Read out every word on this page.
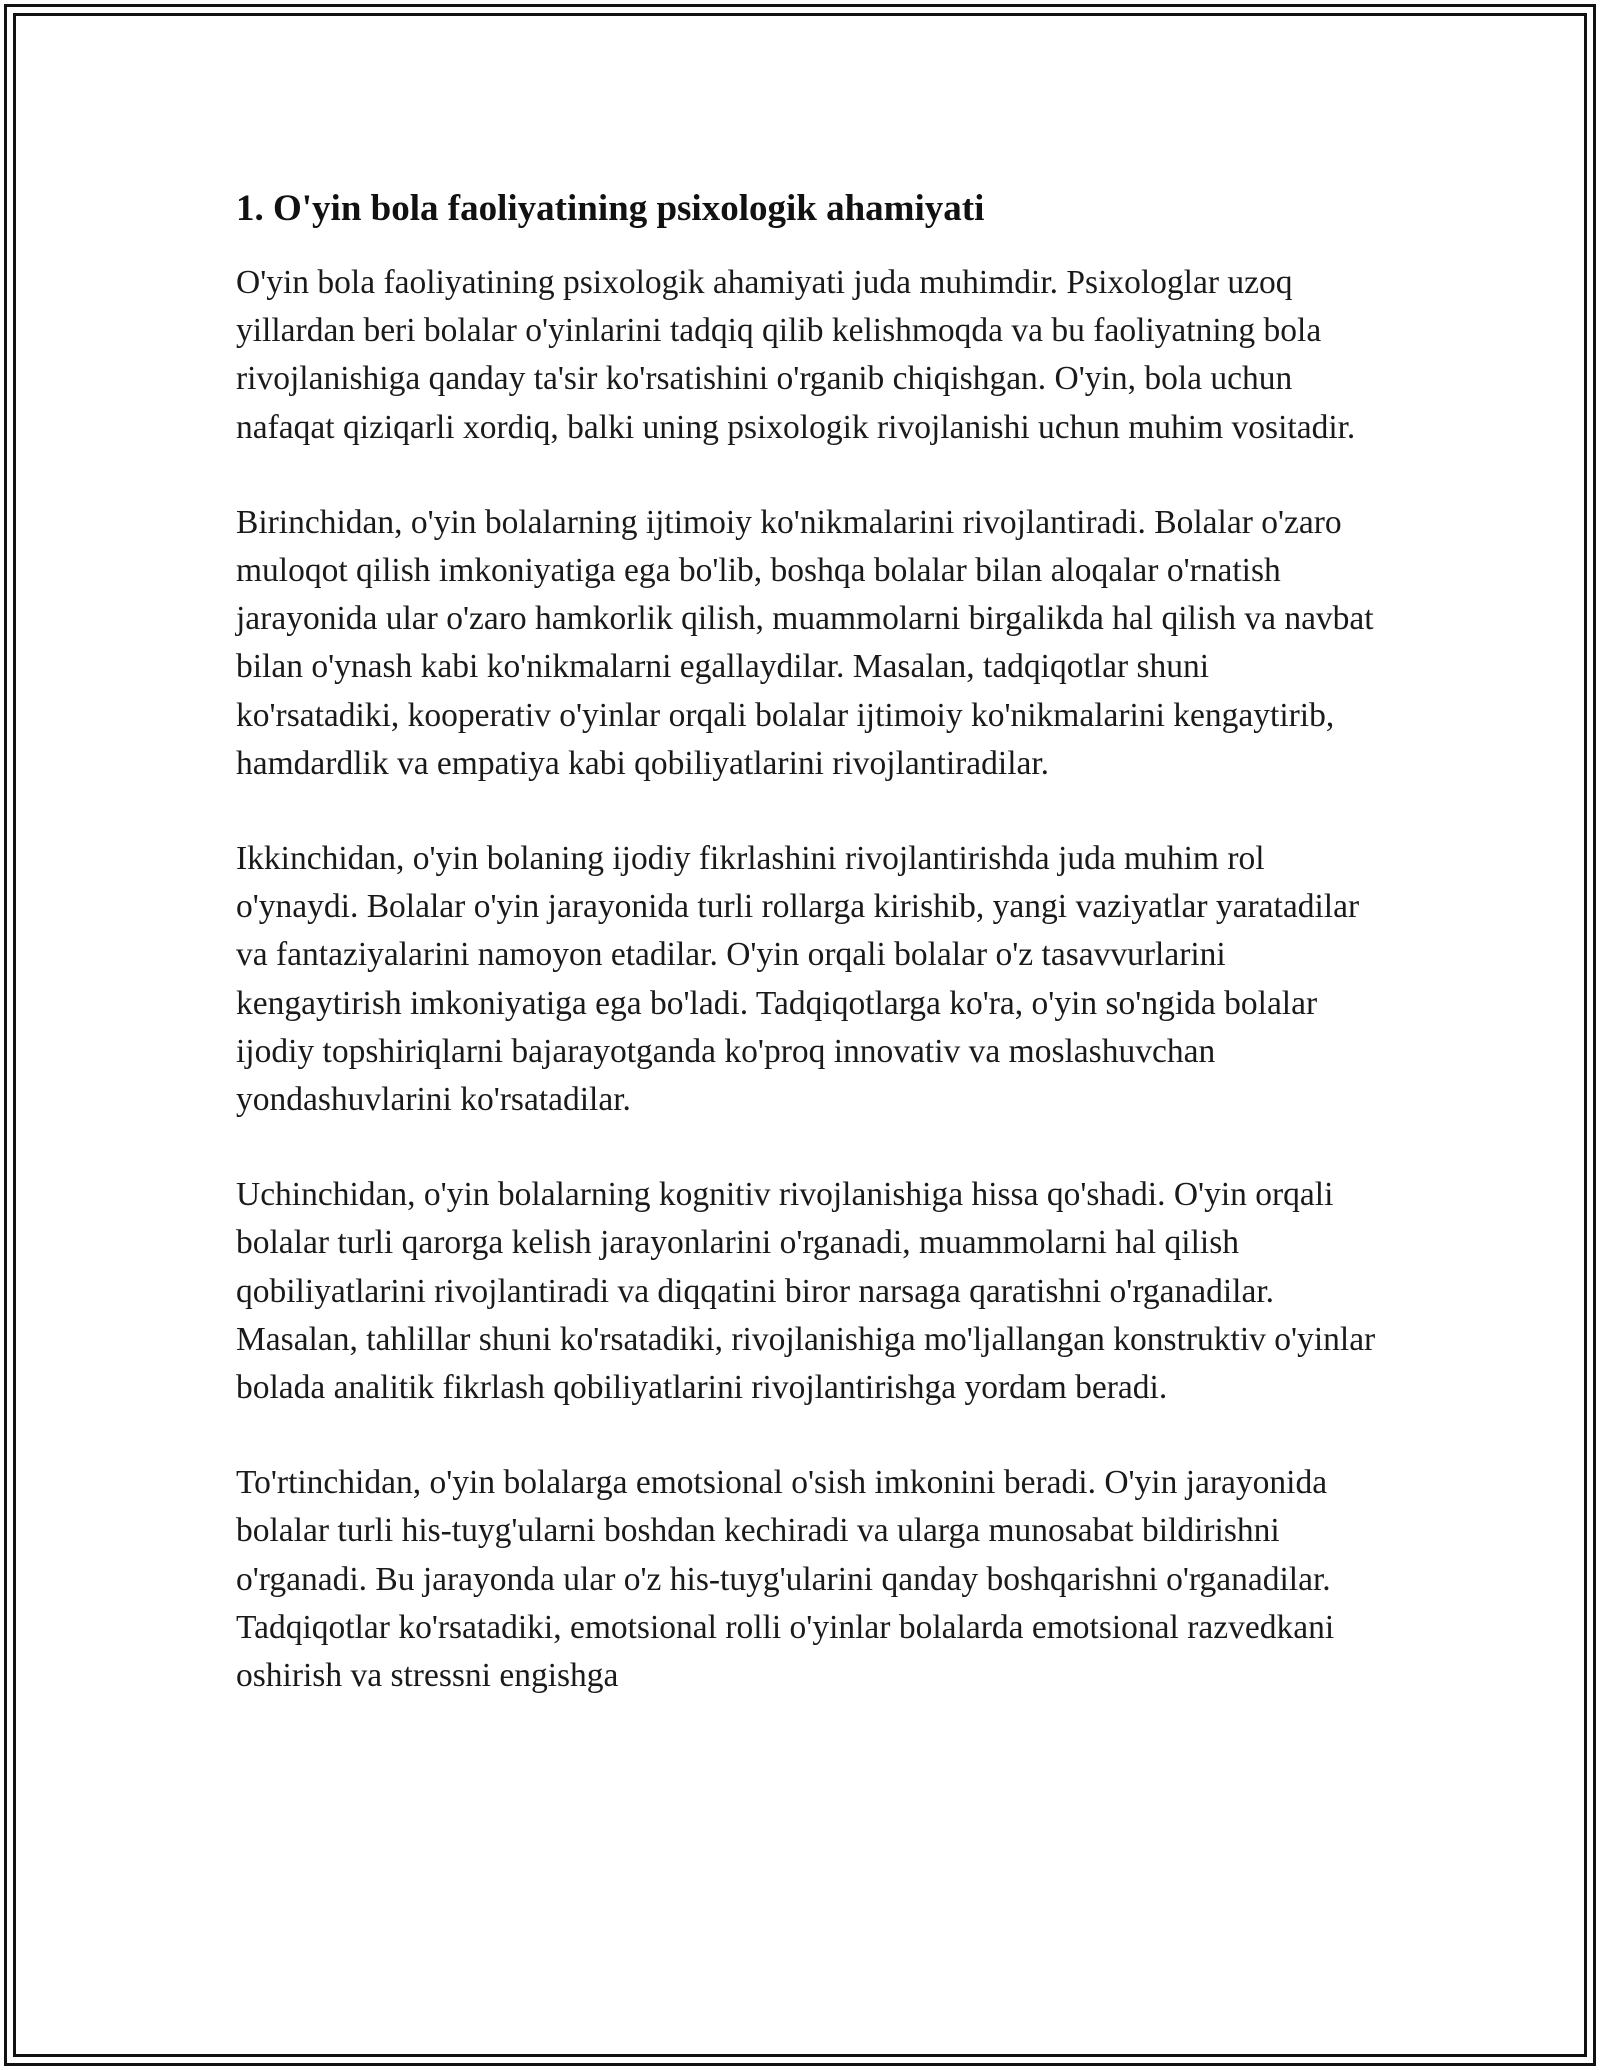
1. O'yin bola faoliyatining psixologik ahamiyati

O'yin bola faoliyatining psixologik ahamiyati juda muhimdir. Psixologlar uzoq yillardan beri bolalar o'yinlarini tadqiq qilib kelishmoqda va bu faoliyatning bola rivojlanishiga qanday ta'sir ko'rsatishini o'rganib chiqishgan. O'yin, bola uchun nafaqat qiziqarli xordiq, balki uning psixologik rivojlanishi uchun muhim vositadir.

Birinchidan, o'yin bolalarning ijtimoiy ko'nikmalarini rivojlantiradi. Bolalar o'zaro muloqot qilish imkoniyatiga ega bo'lib, boshqa bolalar bilan aloqalar o'rnatish jarayonida ular o'zaro hamkorlik qilish, muammolarni birgalikda hal qilish va navbat bilan o'ynash kabi ko'nikmalarni egallaydilar. Masalan, tadqiqotlar shuni ko'rsatadiki, kooperativ o'yinlar orqali bolalar ijtimoiy ko'nikmalarini kengaytirib, hamdardlik va empatiya kabi qobiliyatlarini rivojlantiradilar.

Ikkinchidan, o'yin bolaning ijodiy fikrlashini rivojlantirishda juda muhim rol o'ynaydi. Bolalar o'yin jarayonida turli rollarga kirishib, yangi vaziyatlar yaratadilar va fantaziyalarini namoyon etadilar. O'yin orqali bolalar o'z tasavvurlarini kengaytirish imkoniyatiga ega bo'ladi. Tadqiqotlarga ko'ra, o'yin so'ngida bolalar ijodiy topshiriqlarni bajarayotganda ko'proq innovativ va moslashuvchan yondashuvlarini ko'rsatadilar.

Uchinchidan, o'yin bolalarning kognitiv rivojlanishiga hissa qo'shadi. O'yin orqali bolalar turli qarorga kelish jarayonlarini o'rganadi, muammolarni hal qilish qobiliyatlarini rivojlantiradi va diqqatini biror narsaga qaratishni o'rganadilar. Masalan, tahlillar shuni ko'rsatadiki, rivojlanishiga mo'ljallangan konstruktiv o'yinlar bolada analitik fikrlash qobiliyatlarini rivojlantirishga yordam beradi.

To'rtinchidan, o'yin bolalarga emotsional o'sish imkonini beradi. O'yin jarayonida bolalar turli his-tuyg'ularni boshdan kechiradi va ularga munosabat bildirishni o'rganadi. Bu jarayonda ular o'z his-tuyg'ularini qanday boshqarishni o'rganadilar. Tadqiqotlar ko'rsatadiki, emotsional rolli o'yinlar bolalarda emotsional razvedkani oshirish va stressni engishga
